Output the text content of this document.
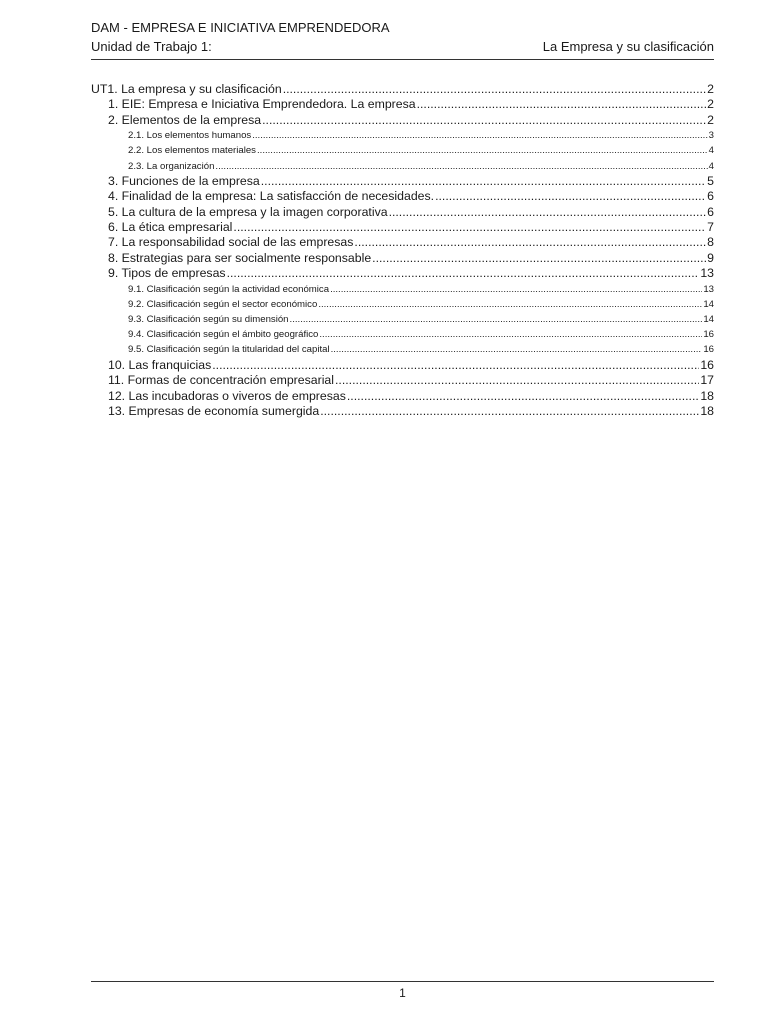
DAM - EMPRESA E INICIATIVA EMPRENDEDORA
Unidad de Trabajo 1:	La Empresa y su clasificación
UT1. La empresa y su clasificación .....	2
1. EIE: Empresa e Iniciativa Emprendedora. La empresa .....	2
2. Elementos de la empresa .....	2
2.1. Los elementos humanos .....	3
2.2. Los elementos materiales .....	4
2.3. La organización .....	4
3. Funciones de la empresa .....	5
4. Finalidad de la empresa: La satisfacción de necesidades. .....	6
5. La cultura de la empresa y la imagen corporativa .....	6
6. La ética empresarial .....	7
7. La responsabilidad social de las empresas .....	8
8. Estrategias para ser socialmente responsable .....	9
9. Tipos de empresas .....	13
9.1. Clasificación según la actividad económica .....	13
9.2. Clasificación según el sector económico .....	14
9.3. Clasificación según su dimensión .....	14
9.4. Clasificación según el ámbito geográfico .....	16
9.5. Clasificación según la titularidad del capital .....	16
10. Las franquicias .....	16
11. Formas de concentración empresarial .....	17
12. Las incubadoras o viveros de empresas .....	18
13. Empresas de economía sumergida .....	18
1
